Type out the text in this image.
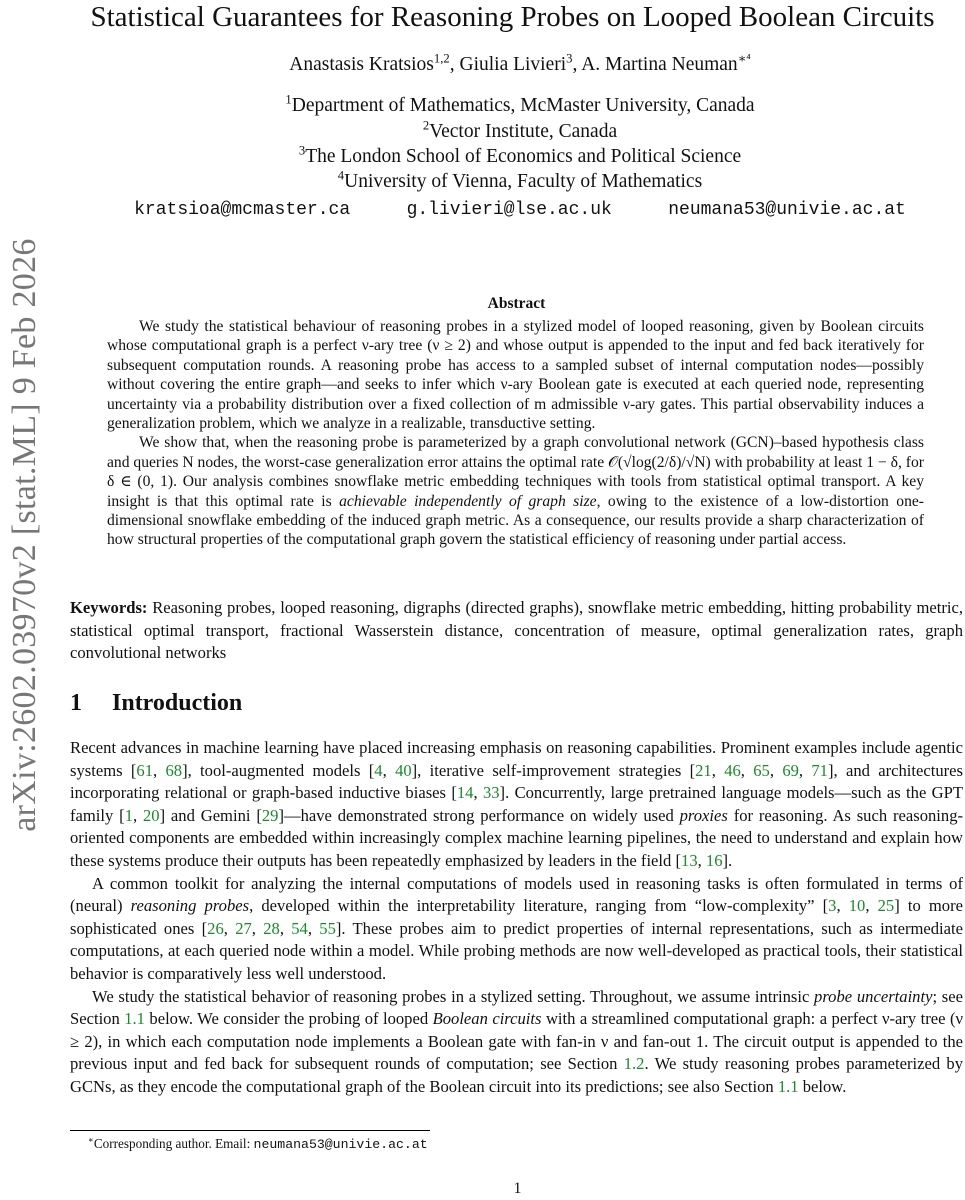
Statistical Guarantees for Reasoning Probes on Looped Boolean Circuits
Anastasis Kratsios$^{1,2}$, Giulia Livieri$^3$, A. Martina Neuman$^{∗^4}$
$^1$Department of Mathematics, McMaster University, Canada
$^2$Vector Institute, Canada
$^3$The London School of Economics and Political Science
$^4$University of Vienna, Faculty of Mathematics
kratsioa@mcmaster.ca	g.livieri@lse.ac.uk	neumana53@univie.ac.at
arXiv:2602.03970v2 [stat.ML] 9 Feb 2026	Abstract

We study the statistical behaviour of reasoning probes in a stylized model of looped reasoning, given by Boolean circuits whose computational graph is a perfect ν-ary tree (ν ≥ 2) and whose output is appended to the input and fed back iteratively for subsequent computation rounds. A reasoning probe has access to a sampled subset of internal computation nodes—possibly without covering the entire graph—and seeks to infer which ν-ary Boolean gate is executed at each queried node, representing uncertainty via a probability distribution over a fixed collection of m admissible ν-ary gates. This partial observability induces a generalization problem, which we analyze in a realizable, transductive setting.

We show that, when the reasoning probe is parameterized by a graph convolutional network (GCN)–based hypothesis class and queries N nodes, the worst-case generalization error attains the optimal rate 𝒪(√log(2/δ)/√N) with probability at least 1 − δ, for δ ∈ (0, 1). Our analysis combines snowflake metric embedding techniques with tools from statistical optimal transport. A key insight is that this optimal rate is achievable independently of graph size, owing to the existence of a low-distortion one-dimensional snowflake embedding of the induced graph metric. As a consequence, our results provide a sharp characterization of how structural properties of the computational graph govern the statistical efficiency of reasoning under partial access.

Keywords: Reasoning probes, looped reasoning, digraphs (directed graphs), snowflake metric embedding, hitting probability metric, statistical optimal transport, fractional Wasserstein distance, concentration of measure, optimal generalization rates, graph convolutional networks

1 Introduction

Recent advances in machine learning have placed increasing emphasis on reasoning capabilities. Prominent examples include agentic systems [61, 68], tool-augmented models [4, 40], iterative self-improvement strategies [21, 46, 65, 69, 71], and architectures incorporating relational or graph-based inductive biases [14, 33]. Concurrently, large pretrained language models—such as the GPT family [1, 20] and Gemini [29]—have demonstrated strong performance on widely used proxies for reasoning. As such reasoning-oriented components are embedded within increasingly complex machine learning pipelines, the need to understand and explain how these systems produce their outputs has been repeatedly emphasized by leaders in the field [13, 16].

A common toolkit for analyzing the internal computations of models used in reasoning tasks is often formulated in terms of (neural) reasoning probes, developed within the interpretability literature, ranging from “low-complexity” [3, 10, 25] to more sophisticated ones [26, 27, 28, 54, 55]. These probes aim to predict properties of internal representations, such as intermediate computations, at each queried node within a model. While probing methods are now well-developed as practical tools, their statistical behavior is comparatively less well understood.

We study the statistical behavior of reasoning probes in a stylized setting. Throughout, we assume intrinsic probe uncertainty; see Section 1.1 below. We consider the probing of looped Boolean circuits with a streamlined computational graph: a perfect ν-ary tree (ν ≥ 2), in which each computation node implements a Boolean gate with fan-in ν and fan-out 1. The circuit output is appended to the previous input and fed back for subsequent rounds of computation; see Section 1.2. We study reasoning probes parameterized by GCNs, as they encode the computational graph of the Boolean circuit into its predictions; see also Section 1.1 below.

∗Corresponding author. Email: neumana53@univie.ac.at
1
